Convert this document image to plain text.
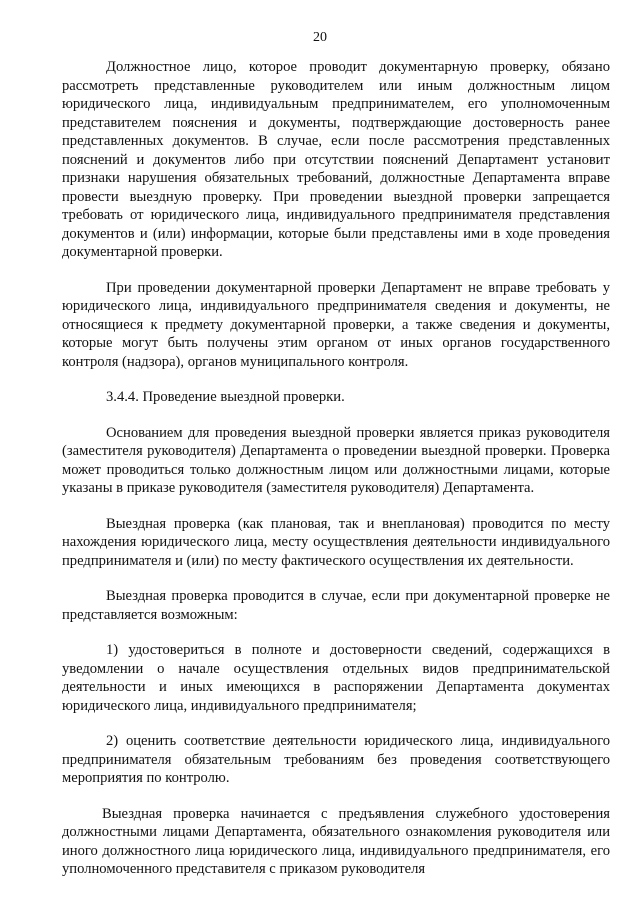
20

Должностное лицо, которое проводит документарную проверку, обязано рассмотреть представленные руководителем или иным должностным лицом юридического лица, индивидуальным предпринимателем, его уполномоченным представителем пояснения и документы, подтверждающие достоверность ранее представленных документов. В случае, если после рассмотрения представленных пояснений и документов либо при отсутствии пояснений Департамент установит признаки нарушения обязательных требований, должностные Департамента вправе провести выездную проверку. При проведении выездной проверки запрещается требовать от юридического лица, индивидуального предпринимателя представления документов и (или) информации, которые были представлены ими в ходе проведения документарной проверки.

При проведении документарной проверки Департамент не вправе требовать у юридического лица, индивидуального предпринимателя сведения и документы, не относящиеся к предмету документарной проверки, а также сведения и документы, которые могут быть получены этим органом от иных органов государственного контроля (надзора), органов муниципального контроля.

3.4.4. Проведение выездной проверки.

Основанием для проведения выездной проверки является приказ руководителя (заместителя руководителя) Департамента о проведении выездной проверки. Проверка может проводиться только должностным лицом или должностными лицами, которые указаны в приказе руководителя (заместителя руководителя) Департамента.

Выездная проверка (как плановая, так и внеплановая) проводится по месту нахождения юридического лица, месту осуществления деятельности индивидуального предпринимателя и (или) по месту фактического осуществления их деятельности.

Выездная проверка проводится в случае, если при документарной проверке не представляется возможным:

1) удостовериться в полноте и достоверности сведений, содержащихся в уведомлении о начале осуществления отдельных видов предпринимательской деятельности и иных имеющихся в распоряжении Департамента документах юридического лица, индивидуального предпринимателя;

2) оценить соответствие деятельности юридического лица, индивидуального предпринимателя обязательным требованиям без проведения соответствующего мероприятия по контролю.

Выездная проверка начинается с предъявления служебного удостоверения должностными лицами Департамента, обязательного ознакомления руководителя или иного должностного лица юридического лица, индивидуального предпринимателя, его уполномоченного представителя с приказом руководителя
